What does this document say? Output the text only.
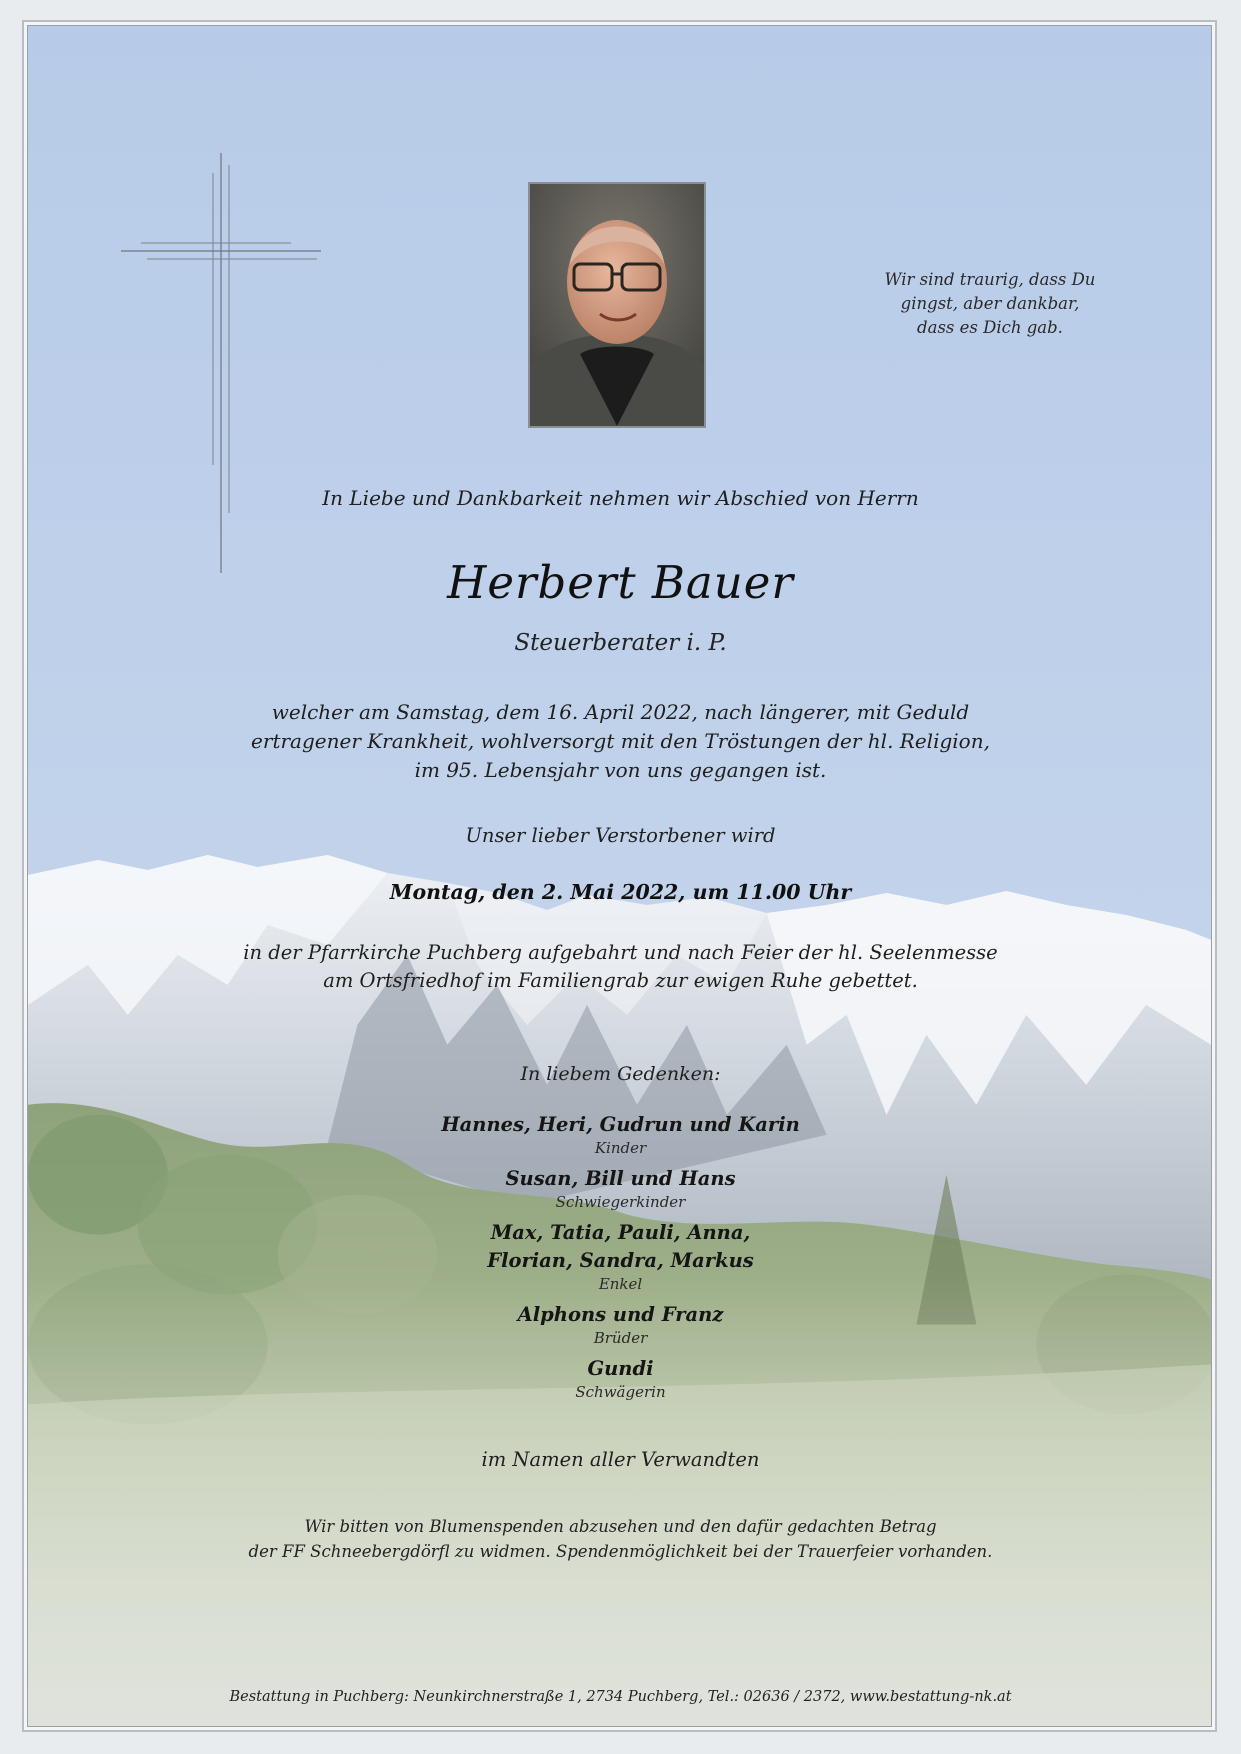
Wir sind traurig, dass Du
gingst, aber dankbar,
dass es Dich gab.
In Liebe und Dankbarkeit nehmen wir Abschied von Herrn
Herbert Bauer
Steuerberater i. P.
welcher am Samstag, dem 16. April 2022, nach längerer, mit Geduld
ertragener Krankheit, wohlversorgt mit den Tröstungen der hl. Religion,
im 95. Lebensjahr von uns gegangen ist.
Unser lieber Verstorbener wird
Montag, den 2. Mai 2022, um 11.00 Uhr
in der Pfarrkirche Puchberg aufgebahrt und nach Feier der hl. Seelenmesse
am Ortsfriedhof im Familiengrab zur ewigen Ruhe gebettet.
In liebem Gedenken:
Hannes, Heri, Gudrun und Karin
Kinder
Susan, Bill und Hans
Schwiegerkinder
Max, Tatia, Pauli, Anna,
Florian, Sandra, Markus
Enkel
Alphons und Franz
Brüder
Gundi
Schwägerin
im Namen aller Verwandten
Wir bitten von Blumenspenden abzusehen und den dafür gedachten Betrag
der FF Schneebergdörfl zu widmen. Spendenmöglichkeit bei der Trauerfeier vorhanden.
Bestattung in Puchberg: Neunkirchnerstraße 1, 2734 Puchberg, Tel.: 02636 / 2372, www.bestattung-nk.at
